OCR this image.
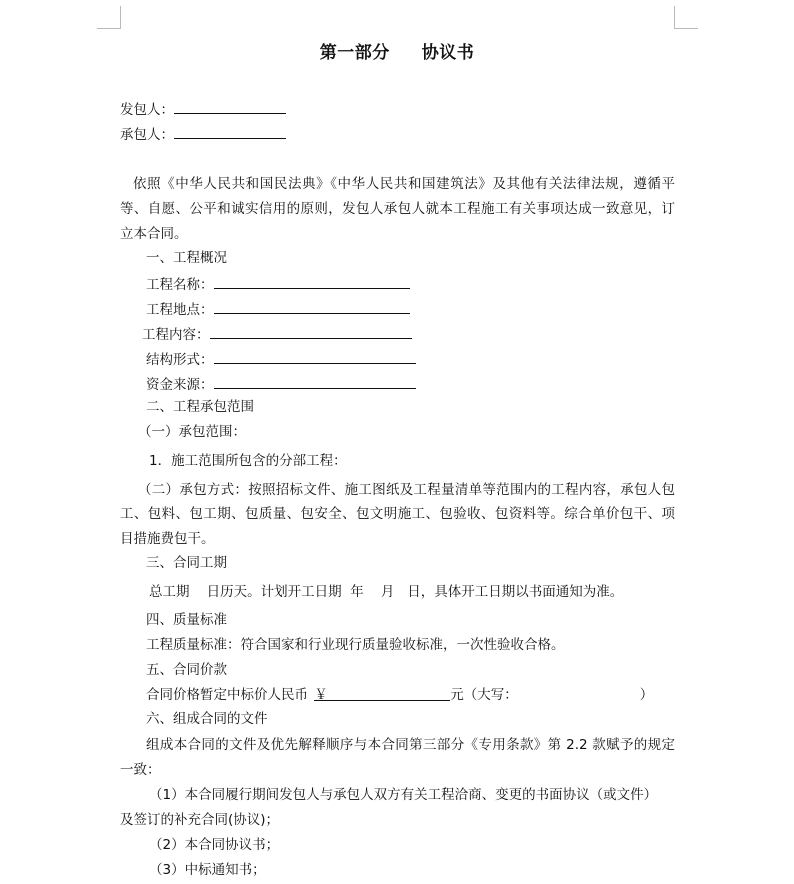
第一部分     协议书
发包人：
承包人：
依照《中华人民共和国民法典》《中华人民共和国建筑法》及其他有关法律法规，遵循平
等、自愿、公平和诚实信用的原则，发包人承包人就本工程施工有关事项达成一致意见，订
立本合同。
一、工程概况
工程名称：
工程地点：
工程内容：
结构形式：
资金来源：
二、工程承包范围
（一）承包范围：
1．施工范围所包含的分部工程：
（二）承包方式：按照招标文件、施工图纸及工程量清单等范围内的工程内容，承包人包
工、包料、包工期、包质量、包安全、包文明施工、包验收、包资料等。综合单价包干、项
目措施费包干。
三、合同工期
总工期    日历天。计划开工日期  年    月   日，具体开工日期以书面通知为准。
四、质量标准
工程质量标准：符合国家和行业现行质量验收标准，一次性验收合格。
五、合同价款
合同价格暂定中标价人民币 ￥	元（大写：	）
六、组成合同的文件
组成本合同的文件及优先解释顺序与本合同第三部分《专用条款》第 2.2 款赋予的规定
一致：
（1）本合同履行期间发包人与承包人双方有关工程洽商、变更的书面协议（或文件）
及签订的补充合同(协议)；
（2）本合同协议书；
（3）中标通知书；
